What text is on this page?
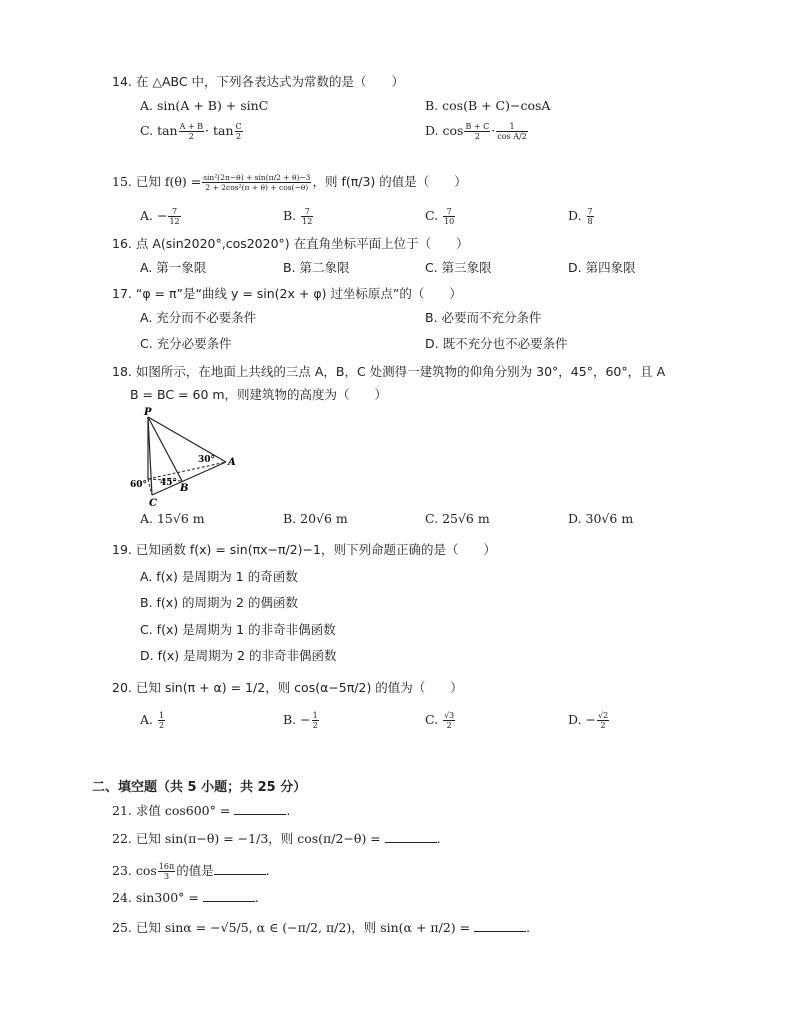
14. 在 △ABC 中，下列各表达式为常数的是（　　）
A. sin(A + B) + sinC	B. cos(B + C)−cosA
C. $\tan \frac{A + B}{2} \cdot \tan \frac{C}{2}$	D. $\cos \frac{B + C}{2} \cdot \frac{1}{\text{cos A/2}}$
15. 已知 $f(\theta) = \frac{\text{sin²(2π−θ) + sin(π/2 + θ)−3}}{\text{2 + 2cos²(π + θ) + cos(−θ)}}$ ，则 f(π/3) 的值是（　　）
A. − $\frac{7}{12}$	B. $\frac{7}{12}$	C. $\frac{7}{10}$	D. $\frac{7}{8}$
16. 点 A(sin2020°,cos2020°) 在直角坐标平面上位于（　　）
A. 第一象限	B. 第二象限	C. 第三象限	D. 第四象限
17. “φ = π”是“曲线 y = sin(2x + φ) 过坐标原点”的（　　）
A. 充分而不必要条件	B. 必要而不充分条件
C. 充分必要条件	D. 既不充分也不必要条件
18. 如图所示，在地面上共线的三点 A，B，C 处测得一建筑物的仰角分别为 30°，45°，60°，且 A
B = BC = 60 m，则建筑物的高度为（　　）
P
A
B
C
30°
45°
60°
A. 15√6 m	B. 20√6 m	C. 25√6 m	D. 30√6 m
19. 已知函数 f(x) = sin(πx−π/2)−1，则下列命题正确的是（　　）
A. f(x) 是周期为 1 的奇函数
B. f(x) 的周期为 2 的偶函数
C. f(x) 是周期为 1 的非奇非偶函数
D. f(x) 是周期为 2 的非奇非偶函数
20. 已知 sin(π + α) = 1/2，则 cos(α−5π/2) 的值为（　　）
A. $\frac{1}{2}$	B. − $\frac{1}{2}$	C. $\frac{√3}{2}$	D. − $\frac{√2}{2}$
二、填空题（共 5 小题；共 25 分）
21. 求值 cos600° =	.
22. 已知 sin(π−θ) = −1/3，则 cos(π/2−θ) =	.
23. $\cos \frac{16\pi}{3}$ 的值是	.
24. sin300° =	.
25. 已知 sinα = −√5/5, α ∈ (−π/2, π/2)，则 sin(α + π/2) =	.
